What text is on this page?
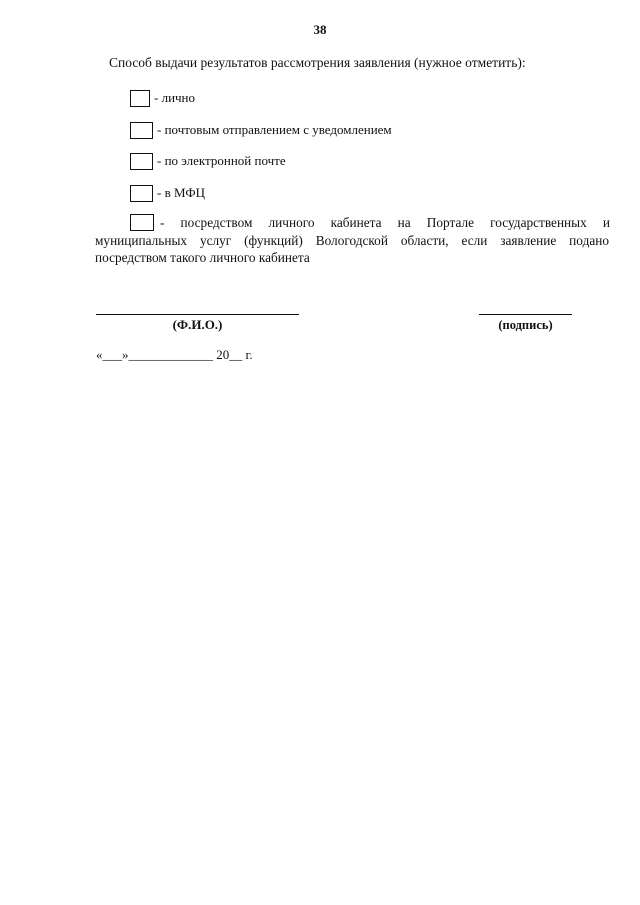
38
Способ выдачи результатов рассмотрения заявления (нужное отметить):
- лично
- почтовым отправлением с уведомлением
- по электронной почте
- в МФЦ
- посредством личного кабинета на Портале государственных и
муниципальных услуг (функций) Вологодской области, если заявление подано посредством такого личного кабинета
(Ф.И.О.)	(подпись)
«___»_____________ 20__ г.
